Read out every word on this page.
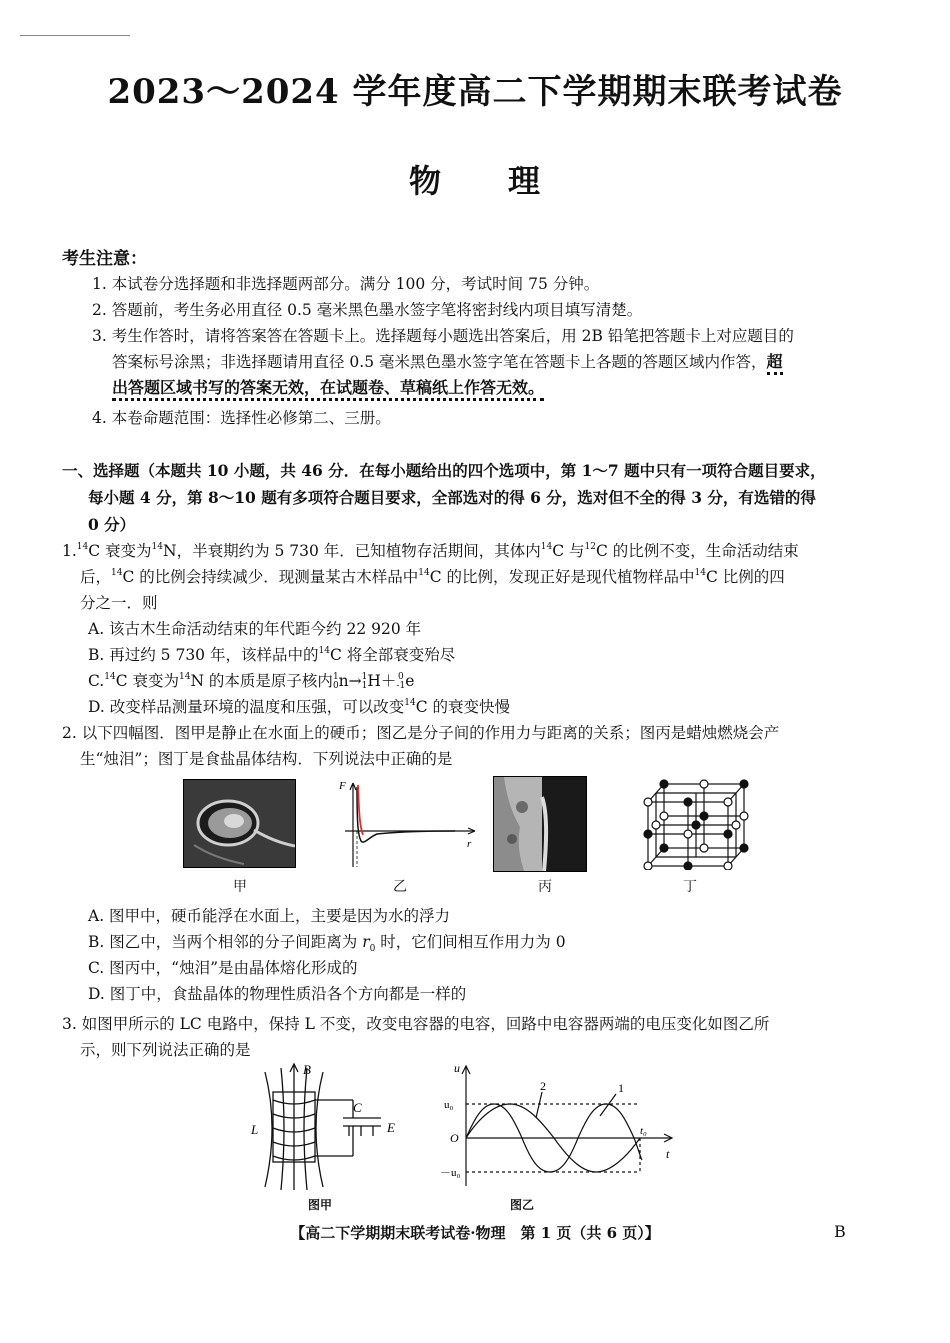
2023～2024 学年度高二下学期期末联考试卷
物　　理
考生注意：
1. 本试卷分选择题和非选择题两部分。满分 100 分，考试时间 75 分钟。
2. 答题前，考生务必用直径 0.5 毫米黑色墨水签字笔将密封线内项目填写清楚。
3. 考生作答时，请将答案答在答题卡上。选择题每小题选出答案后，用 2B 铅笔把答题卡上对应题目的
答案标号涂黑；非选择题请用直径 0.5 毫米黑色墨水签字笔在答题卡上各题的答题区域内作答，超
出答题区域书写的答案无效，在试题卷、草稿纸上作答无效。
4. 本卷命题范围：选择性必修第二、三册。
一、选择题（本题共 10 小题，共 46 分．在每小题给出的四个选项中，第 1～7 题中只有一项符合题目要求，
每小题 4 分，第 8～10 题有多项符合题目要求，全部选对的得 6 分，选对但不全的得 3 分，有选错的得
0 分）
1.14C 衰变为$^{14}$N，半衰期约为 5 730 年．已知植物存活期间，其体内$^{14}$C 与$^{12}$C 的比例不变，生命活动结束
后，$^{14}$C 的比例会持续减少．现测量某古木样品中$^{14}$C 的比例，发现正好是现代植物样品中$^{14}$C 比例的四
分之一．则
A. 该古木生命活动结束的年代距今约 22 920 年
B. 再过约 5 730 年，该样品中的$^{14}$C 将全部衰变殆尽
C.$^{14}$C 衰变为$^{14}$N 的本质是原子核内1
0n→1
1H＋ 0
-1e
D. 改变样品测量环境的温度和压强，可以改变$^{14}$C 的衰变快慢
2. 以下四幅图．图甲是静止在水面上的硬币；图乙是分子间的作用力与距离的关系；图丙是蜡烛燃烧会产
生“烛泪”；图丁是食盐晶体结构．下列说法中正确的是
甲
F
r
乙	丙	丁
A. 图甲中，硬币能浮在水面上，主要是因为水的浮力
B. 图乙中，当两个相邻的分子间距离为 $r_0$ 时，它们间相互作用力为 0
C. 图丙中，“烛泪”是由晶体熔化形成的
D. 图丁中，食盐晶体的物理性质沿各个方向都是一样的
3. 如图甲所示的 LC 电路中，保持 L 不变，改变电容器的电容，回路中电容器两端的电压变化如图乙所
示，则下列说法正确的是
B
L
C
E
图甲
u
u₀
O
－u₀
t
t₀
2	1
图乙
【高二下学期期末联考试卷·物理　第 1 页（共 6 页）】	B
